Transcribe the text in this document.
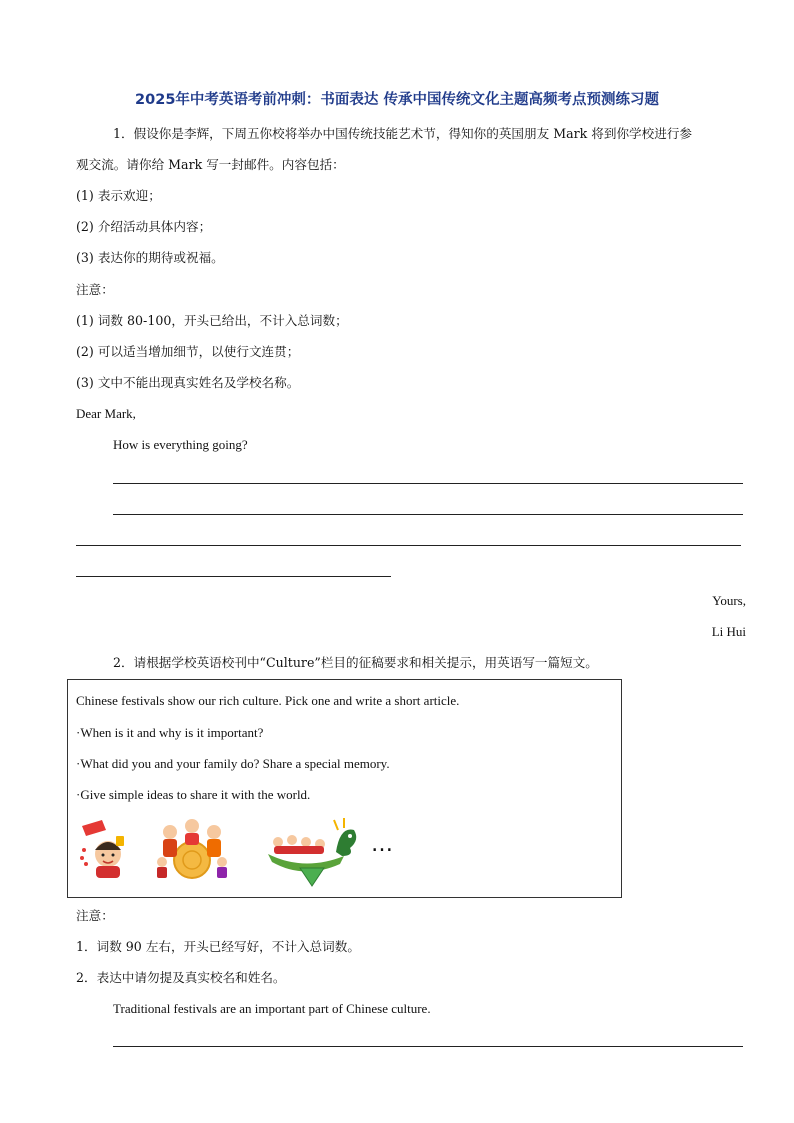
2025年中考英语考前冲刺：书面表达 传承中国传统文化主题高频考点预测练习题
1．假设你是李辉，下周五你校将举办中国传统技能艺术节，得知你的英国朋友 Mark 将到你学校进行参
观交流。请你给 Mark 写一封邮件。内容包括：
(1) 表示欢迎；
(2) 介绍活动具体内容；
(3) 表达你的期待或祝福。
注意：
(1) 词数 80-100，开头已给出，不计入总词数；
(2) 可以适当增加细节，以使行文连贯；
(3) 文中不能出现真实姓名及学校名称。
Dear Mark,
How is everything going?
Yours,
Li Hui
2．请根据学校英语校刊中“Culture”栏目的征稿要求和相关提示，用英语写一篇短文。
Chinese festivals show our rich culture. Pick one and write a short article.
·When is it and why is it important?
·What did you and your family do? Share a special memory.
·Give simple ideas to share it with the world.
…
注意：
1．词数 90 左右，开头已经写好，不计入总词数。
2．表达中请勿提及真实校名和姓名。
Traditional festivals are an important part of Chinese culture.
